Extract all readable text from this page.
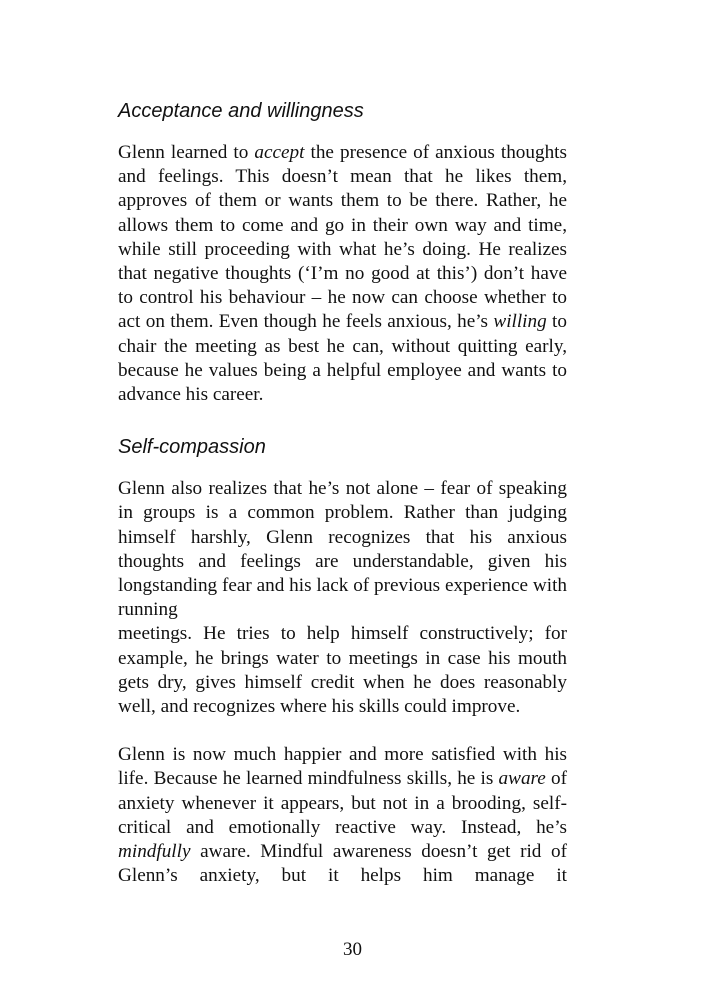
Acceptance and willingness

Glenn learned to accept the presence of anxious thoughts and feelings. This doesn’t mean that he likes them, approves of them or wants them to be there. Rather, he allows them to come and go in their own way and time, while still proceeding with what he’s doing. He realizes that negative thoughts (‘I’m no good at this’) don’t have to control his behaviour – he now can choose whether to act on them. Even though he feels anxious, he’s willing to chair the meeting as best he can, without quitting early, because he values being a helpful employee and wants to advance his career.

Self-compassion

Glenn also realizes that he’s not alone – fear of speaking in groups is a common problem. Rather than judging himself harshly, Glenn recognizes that his anxious thoughts and feelings are understandable, given his longstanding fear and his lack of previous experience with running

meetings. He tries to help himself constructively; for example, he brings water to meetings in case his mouth gets dry, gives himself credit when he does reasonably well, and recognizes where his skills could improve.

Glenn is now much happier and more satisfied with his life. Because he learned mindfulness skills, he is aware of anxiety whenever it appears, but not in a brooding, self-critical and emotionally reactive way. Instead, he’s mindfully aware. Mindful awareness doesn’t get rid of Glenn’s anxiety, but it helps him manage it

30
